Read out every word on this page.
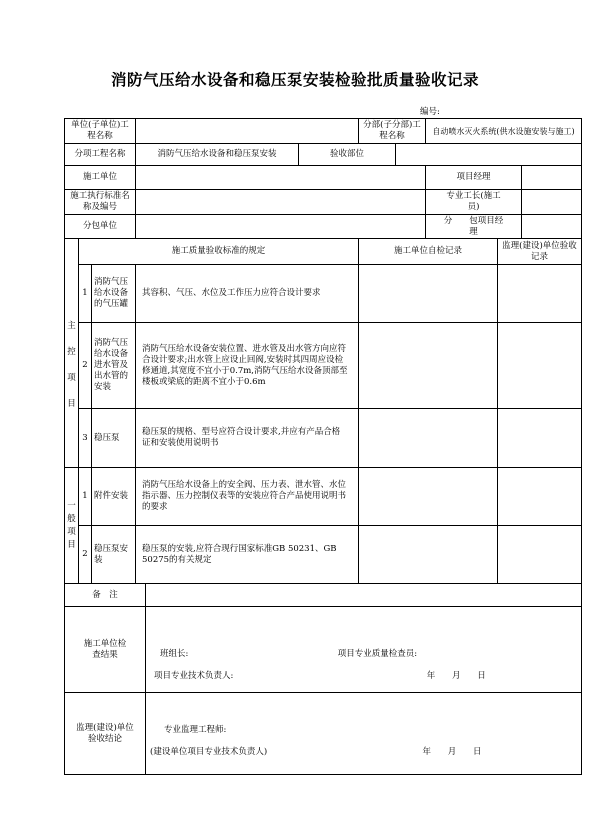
消防气压给水设备和稳压泵安装检验批质量验收记录
编号:
单位(子单位)工程名称						分部(子分部)工程名称		自动喷水灭火系统(供水设施安装与施工)		
分项工程名称			消防气压给水设备和稳压泵安装		验收部位					
施工单位								项目经理		
施工执行标准名称及编号								专业工长(施工员)		
分包单位								分　　包项目经理		
	施工质量验收标准的规定					施工单位自检记录			监理(建设)单位验收记录	

主
控
项
目	1	消防气压给水设备的气压罐	其容积、气压、水位及工作压力应符合设计要求							
	2	消防气压给水设备进水管及出水管的安装	消防气压给水设备安装位置、进水管及出水管方向应符合设计要求;出水管上应设止回阀,安装时其四周应设检修通道,其宽度不宜小于0.7m,消防气压给水设备顶部至楼板或梁底的距离不宜小于0.6m							
	3	稳压泵	稳压泵的规格、型号应符合设计要求,并应有产品合格证和安装使用说明书							

一
般
项
目	1	附件安装	消防气压给水设备上的安全阀、压力表、泄水管、水位指示器、压力控制仪表等的安装应符合产品使用说明书的要求							
	2	稳压泵安装	稳压泵的安装,应符合现行国家标准GB 50231、GB 50275的有关规定							
备　注										
施工单位检查结果				班组长: 项目专业质量检查员:
项目专业技术负责人: 年 月 日						

监理(建设)单位验收结论				专业监理工程师:
(建设单位项目专业技术负责人) 年 月 日						
